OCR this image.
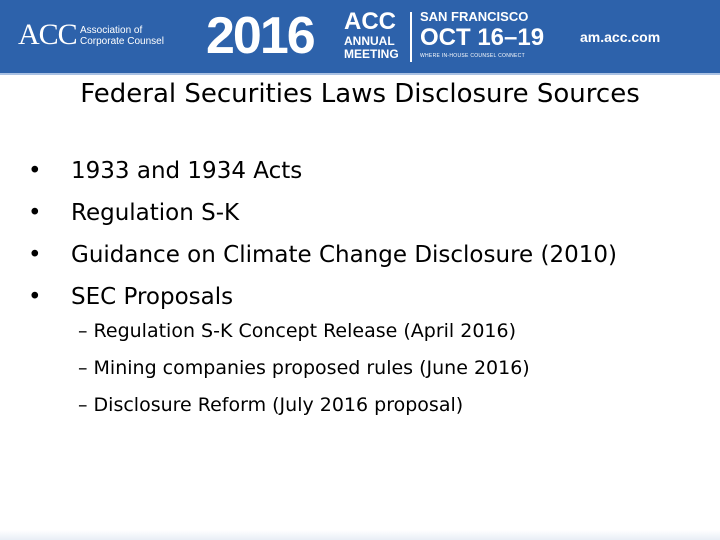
ACC Association of
Corporate Counsel 2016 ACC
ANNUAL
MEETING
SAN FRANCISCO
OCT 16–19
WHERE IN-HOUSE COUNSEL CONNECT
am.acc.com
Federal Securities Laws Disclosure Sources
• 1933 and 1934 Acts
• Regulation S-K
• Guidance on Climate Change Disclosure (2010)
• SEC Proposals
– Regulation S-K Concept Release (April 2016)
– Mining companies proposed rules (June 2016)
– Disclosure Reform (July 2016 proposal)
